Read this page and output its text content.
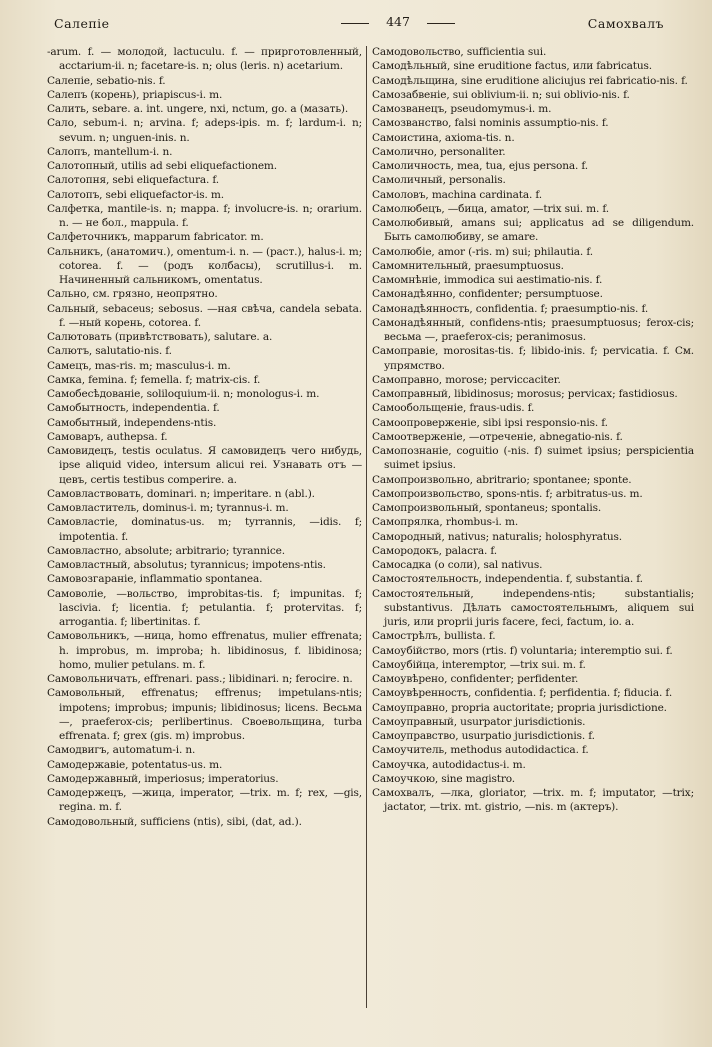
Салепіе	447	Самохвалъ

-arum. f. — молодой, lactuculu. f. — прирготовленный, acctarium-ii. n; facetare-is. n; olus (leris. n) acetarium.

Салепіе, sebatio-nis. f.

Салепъ (корень), priapiscus-i. m.

Салить, sebare. a. int. ungere, nxi, nctum, go. a (мазать).

Сало, sebum-i. n; arvina. f; adeps-ipis. m. f; lardum-i. n; sevum. n; unguen-inis. n.

Салопъ, mantellum-i. n.

Салотопный, utilis ad sebi eliquefactionem.

Салотопня, sebi eliquefactura. f.

Салотопъ, sebi eliquefactor-is. m.

Салфетка, mantile-is. n; mappa. f; involucre-is. n; orarium. n. — не бол., mappula. f.

Салфеточникъ, mapparum fabricator. m.

Сальникъ, (анатомич.), omentum-i. n. — (раст.), halus-i. m; cotorea. f. — (родъ колбасы), scrutillus-i. m. Начиненный сальникомъ, omentatus.

Сально, см. грязно, неопрятно.

Сальный, sebaceus; sebosus. —ная свѣча, candela sebata. f. —ный корень, cotorea. f.

Салютовать (привѣтствовать), salutare. a.

Салютъ, salutatio-nis. f.

Самецъ, mas-ris. m; masculus-i. m.

Самка, femina. f; femella. f; matrix-cis. f.

Самобесѣдованіе, soliloquium-ii. n; monologus-i. m.

Самобытность, independentia. f.

Самобытный, independens-ntis.

Самоваръ, authepsa. f.

Самовидецъ, testis oculatus. Я самовидецъ чего нибудь, ipse aliquid video, intersum alicui rei. Узнавать отъ —цевъ, certis testibus comperire. a.

Самовластвовать, dominari. n; imperitare. n (abl.).

Самовластитель, dominus-i. m; tyrannus-i. m.

Самовластіе, dominatus-us. m; tyrrannis, —idis. f; impotentia. f.

Самовластно, absolute; arbitrario; tyrannice.

Самовластный, absolutus; tyrannicus; impotens-ntis.

Самовозгараніе, inflammatio spontanea.

Самоволіе, —вольство, improbitas-tis. f; impunitas. f; lascivia. f; licentia. f; petulantia. f; protervitas. f; arrogantia. f; libertinitas. f.

Самовольникъ, —ница, homo effrenatus, mulier effrenata; h. improbus, m. improba; h. libidinosus, f. libidinosa; homo, mulier petulans. m. f.

Самовольничать, effrenari. pass.; libidinari. n; ferocire. n.

Самовольный, effrenatus; effrenus; impetulans-ntis; impotens; improbus; impunis; libidinosus; licens. Весьма —, praeferox-cis; perlibertinus. Своевольщина, turba effrenata. f; grex (gis. m) improbus.

Самодвигъ, automatum-i. n.

Самодержавіе, potentatus-us. m.

Самодержавный, imperiosus; imperatorius.

Самодержецъ, —жица, imperator, —trix. m. f; rex, —gis, regina. m. f.

Самодовольный, sufficiens (ntis), sibi, (dat, ad.).

Самодовольство, sufficientia sui.

Самодѣльный, sine eruditione factus, или fabricatus.

Самодѣльщина, sine eruditione aliciujus rei fabricatio-nis. f.

Самозабвеніе, sui oblivium-ii. n; sui oblivio-nis. f.

Самозванецъ, pseudomymus-i. m.

Самозванство, falsi nominis assumptio-nis. f.

Самоистина, axioma-tis. n.

Самолично, personaliter.

Самоличность, mea, tua, ejus persona. f.

Самоличный, personalis.

Самоловъ, machina cardinata. f.

Самолюбецъ, —бица, amator, —trix sui. m. f.

Самолюбивый, amans sui; applicatus ad se diligendum. Быть самолюбиву, se amare.

Самолюбіе, amor (-ris. m) sui; philautia. f.

Самомнительный, praesumptuosus.

Самомнѣніе, immodica sui aestimatio-nis. f.

Самонадѣянно, confidenter; persumptuose.

Самонадѣянность, confidentia. f; praesumptio-nis. f.

Самонадѣянный, confidens-ntis; praesumptuosus; ferox-cis; весьма —, praeferox-cis; peranimosus.

Самоправіе, morositas-tis. f; libido-inis. f; pervicatia. f. См. упрямство.

Самоправно, morose; perviccaciter.

Самоправный, libidinosus; morosus; pervicax; fastidiosus.

Самообольщеніе, fraus-udis. f.

Самоопроверженіе, sibi ipsi responsio-nis. f.

Самоотверженіе, —отреченіе, abnegatio-nis. f.

Самопознаніе, coguitio (-nis. f) suimet ipsius; perspicientia suimet ipsius.

Самопроизвольно, abritrario; spontanee; sponte.

Самопроизвольство, spons-ntis. f; arbitratus-us. m.

Самопроизвольный, spontaneus; spontalis.

Самопрялка, rhombus-i. m.

Самородный, nativus; naturalis; holosphyratus.

Самородокъ, palacra. f.

Самосадка (о соли), sal nativus.

Самостоятельность, independentia. f, substantia. f.

Самостоятельный, independens-ntis; substantialis; substantivus. Дѣлать самостоятельнымъ, aliquem sui juris, или proprii juris facere, feci, factum, io. a.

Самострѣлъ, bullista. f.

Самоубійство, mors (rtis. f) voluntaria; interemptio sui. f.

Самоубійца, interemptor, —trix sui. m. f.

Самоувѣрено, confidenter; perfidenter.

Самоувѣренность, confidentia. f; perfidentia. f; fiducia. f.

Самоуправно, propria auctoritate; propria jurisdictione.

Самоуправный, usurpator jurisdictionis.

Самоуправство, usurpatio jurisdictionis. f.

Самоучитель, methodus autodidactica. f.

Самоучка, autodidactus-i. m.

Самоучкою, sine magistro.

Самохвалъ, —лка, gloriator, —trix. m. f; imputator, —trix; jactator, —trix. mt. gistrio, —nis. m (актеръ).
